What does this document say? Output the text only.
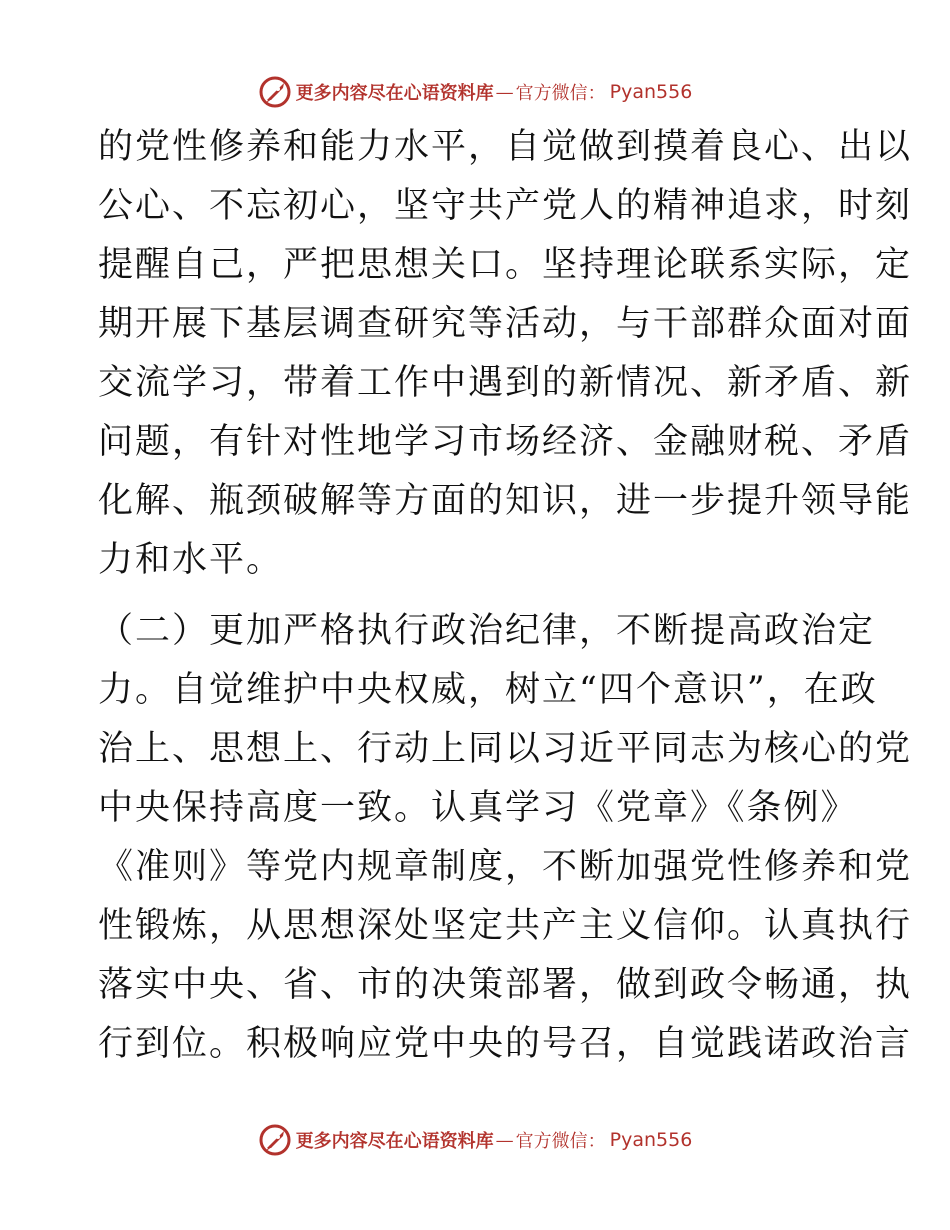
更多内容尽在心语资料库 — 官方微信： Pyan556
的党性修养和能力水平，自觉做到摸着良心、出以
公心、不忘初心，坚守共产党人的精神追求，时刻
提醒自己，严把思想关口。坚持理论联系实际，定
期开展下基层调查研究等活动，与干部群众面对面
交流学习，带着工作中遇到的新情况、新矛盾、新
问题，有针对性地学习市场经济、金融财税、矛盾
化解、瓶颈破解等方面的知识，进一步提升领导能
力和水平。
（二）更加严格执行政治纪律，不断提高政治定
力。自觉维护中央权威，树立“四个意识”，在政
治上、思想上、行动上同以习近平同志为核心的党
中央保持高度一致。认真学习《党章》《条例》
《准则》等党内规章制度，不断加强党性修养和党
性锻炼，从思想深处坚定共产主义信仰。认真执行
落实中央、省、市的决策部署，做到政令畅通，执
行到位。积极响应党中央的号召，自觉践诺政治言
更多内容尽在心语资料库 — 官方微信： Pyan556
